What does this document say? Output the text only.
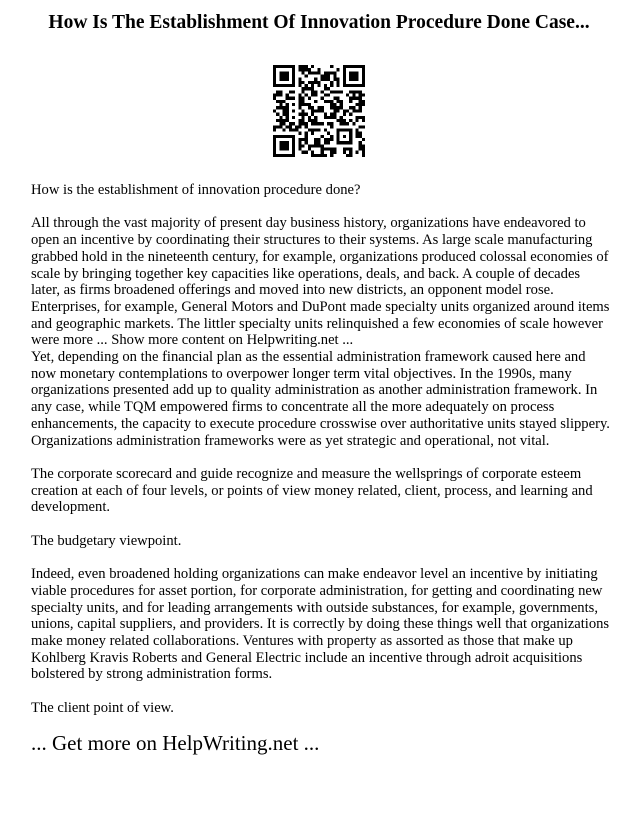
How Is The Establishment Of Innovation Procedure Done Case...

How is the establishment of innovation procedure done?

All through the vast majority of present day business history, organizations have endeavored to open an incentive by coordinating their structures to their systems. As large scale manufacturing grabbed hold in the nineteenth century, for example, organizations produced colossal economies of scale by bringing together key capacities like operations, deals, and back. A couple of decades later, as firms broadened offerings and moved into new districts, an opponent model rose. Enterprises, for example, General Motors and DuPont made specialty units organized around items and geographic markets. The littler specialty units relinquished a few economies of scale however were more ... Show more content on Helpwriting.net ...

Yet, depending on the financial plan as the essential administration framework caused here and now monetary contemplations to overpower longer term vital objectives. In the 1990s, many organizations presented add up to quality administration as another administration framework. In any case, while TQM empowered firms to concentrate all the more adequately on process enhancements, the capacity to execute procedure crosswise over authoritative units stayed slippery. Organizations administration frameworks were as yet strategic and operational, not vital.

The corporate scorecard and guide recognize and measure the wellsprings of corporate esteem creation at each of four levels, or points of view money related, client, process, and learning and development.

The budgetary viewpoint.

Indeed, even broadened holding organizations can make endeavor level an incentive by initiating viable procedures for asset portion, for corporate administration, for getting and coordinating new specialty units, and for leading arrangements with outside substances, for example, governments, unions, capital suppliers, and providers. It is correctly by doing these things well that organizations make money related collaborations. Ventures with property as assorted as those that make up Kohlberg Kravis Roberts and General Electric include an incentive through adroit acquisitions bolstered by strong administration forms.

The client point of view.

... Get more on HelpWriting.net ...
